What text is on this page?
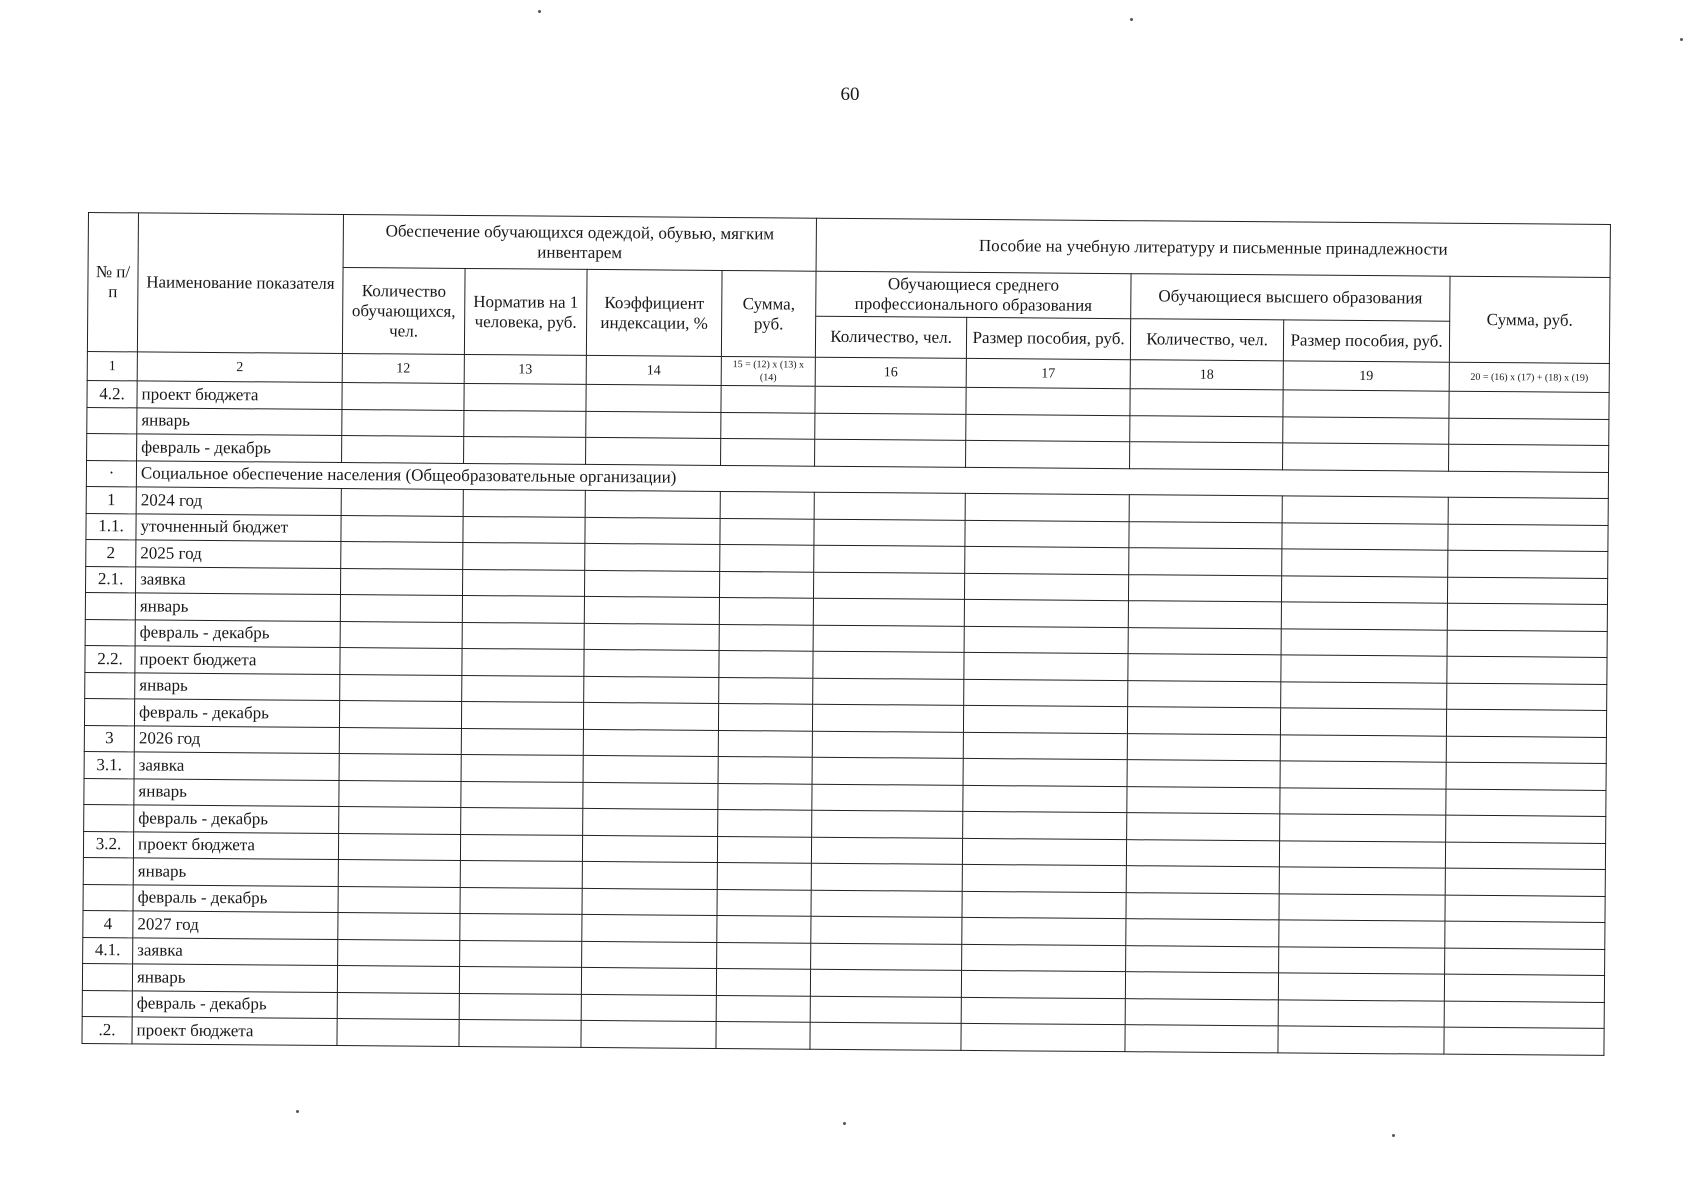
60
№ п/п	Наименование показателя	Обеспечение обучающихся одеждой, обувью, мягким инвентарем				Пособие на учебную литературу и письменные принадлежности				
		Количество обучающихся, чел.	Норматив на 1 человека, руб.	Коэффициент индексации, %	Сумма, руб.	Обучающиеся среднего профессионального образования		Обучающиеся высшего образования		Сумма, руб.
						Количество, чел.	Размер пособия, руб.	Количество, чел.	Размер пособия, руб.	
1	2	12	13	14	15 = (12) x (13) x (14)	16	17	18	19	20 = (16) x (17) + (18) x (19)
4.2.	проект бюджета									
	январь									
	февраль - декабрь									
·	Социальное обеспечение населения (Общеобразовательные организации)									
1	2024 год									
1.1.	уточненный бюджет									
2	2025 год									
2.1.	заявка									
	январь									
	февраль - декабрь									
2.2.	проект бюджета									
	январь									
	февраль - декабрь									
3	2026 год									
3.1.	заявка									
	январь									
	февраль - декабрь									
3.2.	проект бюджета									
	январь									
	февраль - декабрь									
4	2027 год									
4.1.	заявка									
	январь									
	февраль - декабрь									
.2.	проект бюджета									
